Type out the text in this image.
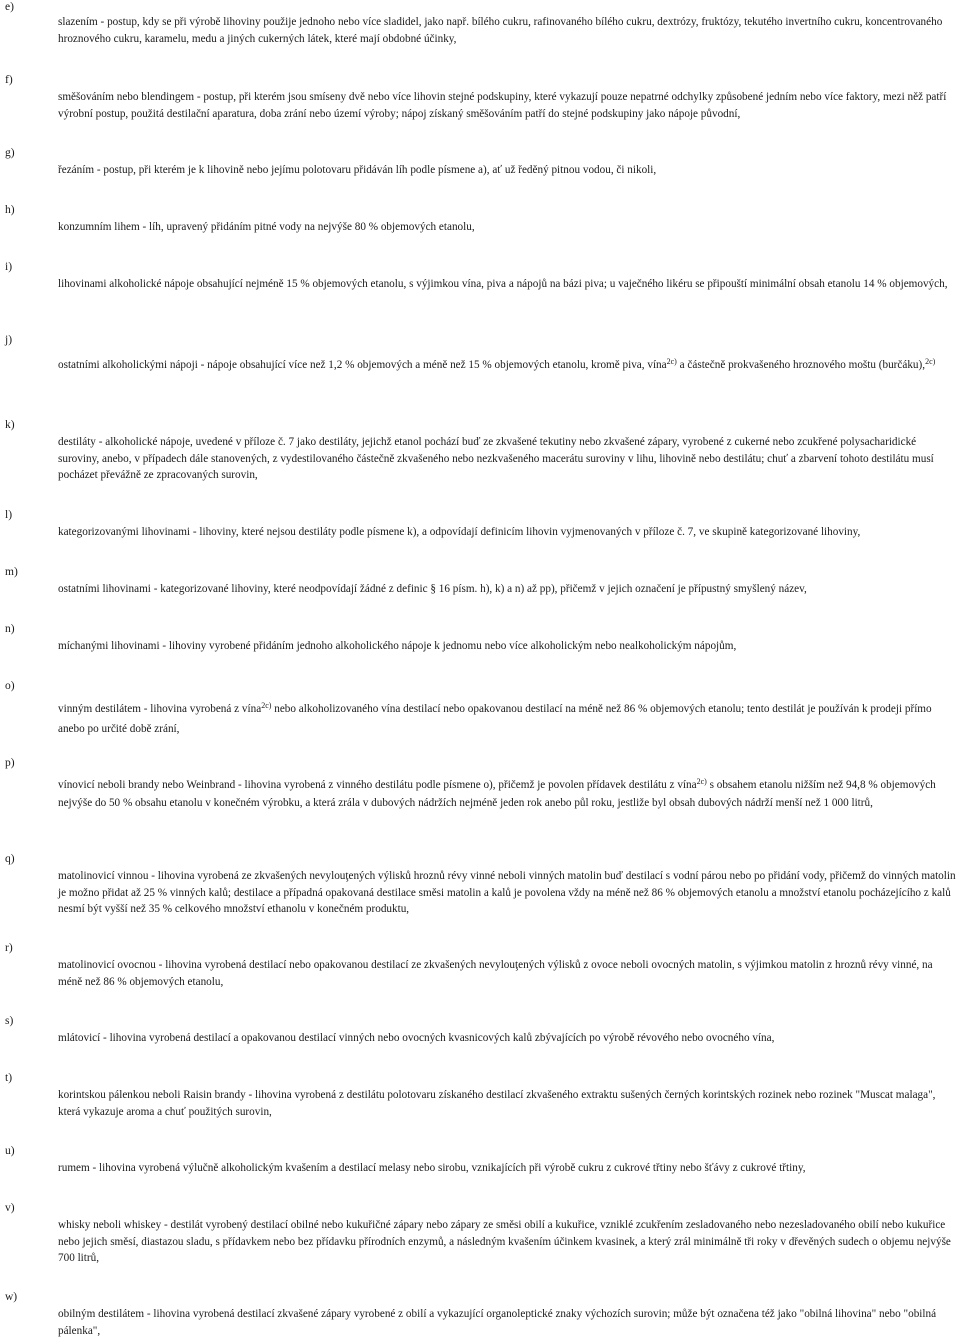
e)
slazením - postup, kdy se při výrobě lihoviny použije jednoho nebo více sladidel, jako např. bílého cukru, rafinovaného bílého cukru, dextrózy, fruktózy, tekutého invertního cukru, koncentrovaného hroznového cukru, karamelu, medu a jiných cukerných látek, které mají obdobné účinky,
f)
směšováním nebo blendingem - postup, při kterém jsou smíseny dvě nebo více lihovin stejné podskupiny, které vykazují pouze nepatrné odchylky způsobené jedním nebo více faktory, mezi něž patří výrobní postup, použitá destilační aparatura, doba zrání nebo území výroby; nápoj získaný směšováním patří do stejné podskupiny jako nápoje původní,
g)
řezáním - postup, při kterém je k lihovině nebo jejímu polotovaru přidáván líh podle písmene a), ať už ředěný pitnou vodou, či nikoli,
h)
konzumním lihem - líh, upravený přidáním pitné vody na nejvýše 80 % objemových etanolu,
i)
lihovinami alkoholické nápoje obsahující nejméně 15 % objemových etanolu, s výjimkou vína, piva a nápojů na bázi piva; u vaječného likéru se připouští minimální obsah etanolu 14 % objemových,
j)
ostatními alkoholickými nápoji - nápoje obsahující více než 1,2 % objemových a méně než 15 % objemových etanolu, kromě piva, vína$^{2c)}$ a částečně prokvašeného hroznového moštu (burčáku),$^{2c)}$
k)
destiláty - alkoholické nápoje, uvedené v příloze č. 7 jako destiláty, jejichž etanol pochází buď ze zkvašené tekutiny nebo zkvašené zápary, vyrobené z cukerné nebo zcukřené polysacharidické suroviny, anebo, v případech dále stanovených, z vydestilovaného částečně zkvašeného nebo nezkvašeného macerátu suroviny v lihu, lihovině nebo destilátu; chuť a zbarvení tohoto destilátu musí pocházet převážně ze zpracovaných surovin,
l)
kategorizovanými lihovinami - lihoviny, které nejsou destiláty podle písmene k), a odpovídají definicím lihovin vyjmenovaných v příloze č. 7, ve skupině kategorizované lihoviny,
m)
ostatními lihovinami - kategorizované lihoviny, které neodpovídají žádné z definic § 16 písm. h), k) a n) až pp), přičemž v jejich označení je přípustný smyšlený název,
n)
míchanými lihovinami - lihoviny vyrobené přidáním jednoho alkoholického nápoje k jednomu nebo více alkoholickým nebo nealkoholickým nápojům,
o)
vinným destilátem - lihovina vyrobená z vína$^{2c)}$ nebo alkoholizovaného vína destilací nebo opakovanou destilací na méně než 86 % objemových etanolu; tento destilát je používán k prodeji přímo anebo po určité době zrání,
p)
vínovicí neboli brandy nebo Weinbrand - lihovina vyrobená z vinného destilátu podle písmene o), přičemž je povolen přídavek destilátu z vína$^{2c)}$ s obsahem etanolu nižším než 94,8 % objemových nejvýše do 50 % obsahu etanolu v konečném výrobku, a která zrála v dubových nádržích nejméně jeden rok anebo půl roku, jestliže byl obsah dubových nádrží menší než 1 000 litrů,
q)
matolinovicí vinnou - lihovina vyrobená ze zkvašených nevylouţených výlisků hroznů révy vinné neboli vinných matolin buď destilací s vodní párou nebo po přidání vody, přičemž do vinných matolin je možno přidat až 25 % vinných kalů; destilace a případná opakovaná destilace směsi matolin a kalů je povolena vždy na méně než 86 % objemových etanolu a množství etanolu pocházejícího z kalů nesmí být vyšší než 35 % celkového množství ethanolu v konečném produktu,
r)
matolinovicí ovocnou - lihovina vyrobená destilací nebo opakovanou destilací ze zkvašených nevylouţených výlisků z ovoce neboli ovocných matolin, s výjimkou matolin z hroznů révy vinné, na méně než 86 % objemových etanolu,
s)
mlátovicí - lihovina vyrobená destilací a opakovanou destilací vinných nebo ovocných kvasnicových kalů zbývajících po výrobě révového nebo ovocného vína,
t)
korintskou pálenkou neboli Raisin brandy - lihovina vyrobená z destilátu polotovaru získaného destilací zkvašeného extraktu sušených černých korintských rozinek nebo rozinek "Muscat malaga", která vykazuje aroma a chuť použitých surovin,
u)
rumem - lihovina vyrobená výlučně alkoholickým kvašením a destilací melasy nebo sirobu, vznikajících při výrobě cukru z cukrové třtiny nebo šťávy z cukrové třtiny,
v)
whisky neboli whiskey - destilát vyrobený destilací obilné nebo kukuřičné zápary nebo zápary ze směsi obilí a kukuřice, vzniklé zcukřením zesladovaného nebo nezesladovaného obilí nebo kukuřice nebo jejich směsí, diastazou sladu, s přídavkem nebo bez přídavku přírodních enzymů, a následným kvašením účinkem kvasinek, a který zrál minimálně tři roky v dřevěných sudech o objemu nejvýše 700 litrů,
w)
obilným destilátem - lihovina vyrobená destilací zkvašené zápary vyrobené z obilí a vykazující organoleptické znaky výchozích surovin; může být označena též jako "obilná lihovina" nebo "obilná pálenka",
